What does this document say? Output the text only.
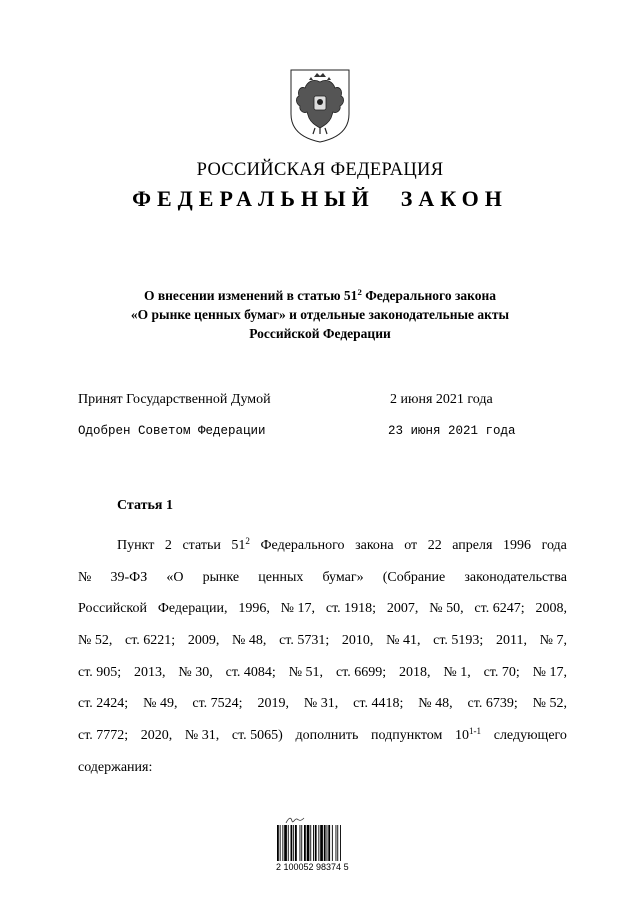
РОССИЙСКАЯ ФЕДЕРАЦИЯ
ФЕДЕРАЛЬНЫЙ ЗАКОН
О внесении изменений в статью $51^2$ Федерального закона
«О рынке ценных бумаг» и отдельные законодательные акты
Российской Федерации
Принят Государственной Думой	2 июня 2021 года
Одобрен Советом Федерации	23 июня 2021 года
Статья 1
Пункт 2 статьи $51^2$ Федерального закона от 22 апреля 1996 года
№ 39-ФЗ «О рынке ценных бумаг» (Собрание законодательства
Российской Федерации, 1996, № 17, ст. 1918; 2007, № 50, ст. 6247; 2008,
№ 52, ст. 6221; 2009, № 48, ст. 5731; 2010, № 41, ст. 5193; 2011, № 7,
ст. 905; 2013, № 30, ст. 4084; № 51, ст. 6699; 2018, № 1, ст. 70; № 17,
ст. 2424; № 49, ст. 7524; 2019, № 31, ст. 4418; № 48, ст. 6739; № 52,
ст. 7772; 2020, № 31, ст. 5065) дополнить подпунктом 10$^{1-1}$ следующего
содержания:
2 100052 98374 5
